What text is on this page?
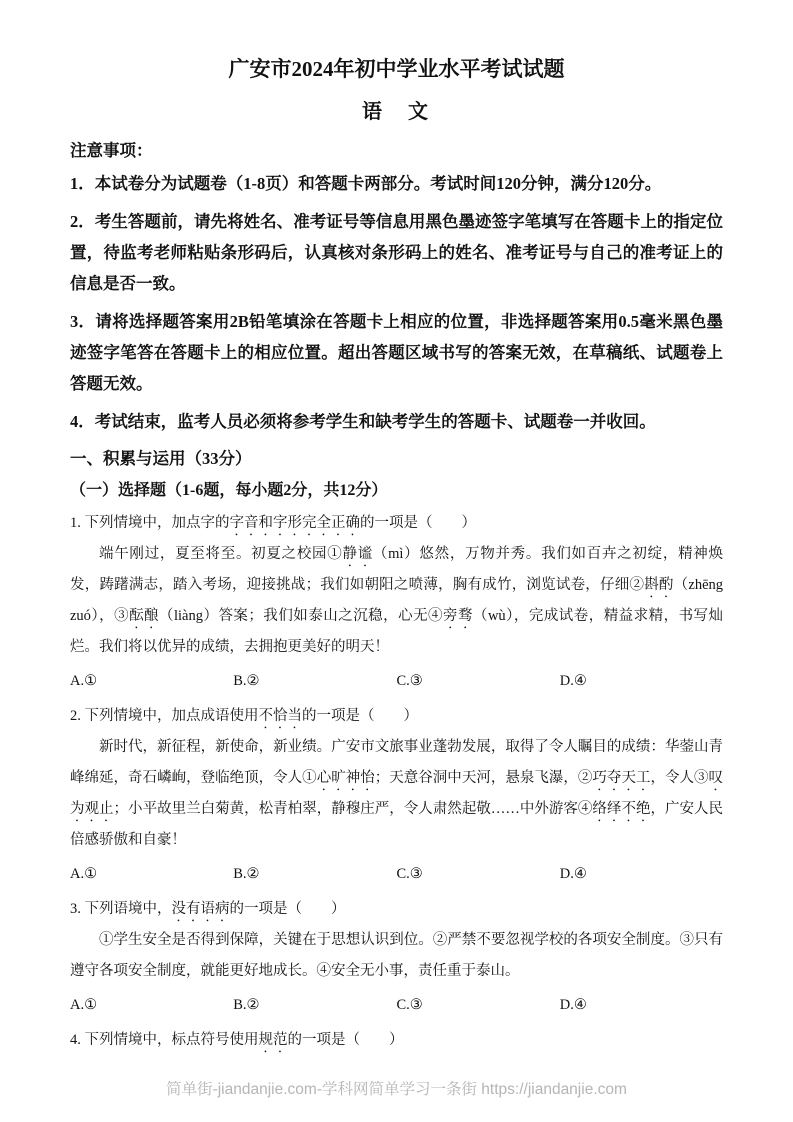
广安市2024年初中学业水平考试试题
语　文
注意事项：

1．本试卷分为试题卷（1-8页）和答题卡两部分。考试时间120分钟，满分120分。

2．考生答题前，请先将姓名、准考证号等信息用黑色墨迹签字笔填写在答题卡上的指定位置，待监考老师粘贴条形码后，认真核对条形码上的姓名、准考证号与自己的准考证上的信息是否一致。

3．请将选择题答案用2B铅笔填涂在答题卡上相应的位置，非选择题答案用0.5毫米黑色墨迹签字笔答在答题卡上的相应位置。超出答题区域书写的答案无效，在草稿纸、试题卷上答题无效。

4．考试结束，监考人员必须将参考学生和缺考学生的答题卡、试题卷一并收回。

一、积累与运用（33分）
（一）选择题（1-6题，每小题2分，共12分）

1. 下列情境中，加点字的字音和字形完全正确的一项是（　　）

端午刚过，夏至将至。初夏之校园①静谧（mì）悠然，万物并秀。我们如百卉之初绽，精神焕发，踌躇满志，踏入考场，迎接挑战；我们如朝阳之喷薄，胸有成竹，浏览试卷，仔细②斟酌（zhēng zuó），③酝酿（liàng）答案；我们如泰山之沉稳，心无④旁骛（wù），完成试卷，精益求精，书写灿烂。我们将以优异的成绩，去拥抱更美好的明天！

A.①	B.②	C.③	D.④

2. 下列情境中，加点成语使用不恰当的一项是（　　）

新时代，新征程，新使命，新业绩。广安市文旅事业蓬勃发展，取得了令人瞩目的成绩：华蓥山青峰绵延，奇石嶙峋，登临绝顶，令人①心旷神怡；天意谷洞中天河，悬泉飞瀑，②巧夺天工，令人③叹为观止；小平故里兰白菊黄，松青柏翠，静穆庄严，令人肃然起敬……中外游客④络绎不绝，广安人民倍感骄傲和自豪！

A.①	B.②	C.③	D.④

3. 下列语境中，没有语病的一项是（　　）

①学生安全是否得到保障，关键在于思想认识到位。②严禁不要忽视学校的各项安全制度。③只有遵守各项安全制度，就能更好地成长。④安全无小事，责任重于泰山。

A.①	B.②	C.③	D.④

4. 下列情境中，标点符号使用规范的一项是（　　）

简单街-jiandanjie.com-学科网简单学习一条街 https://jiandanjie.com
